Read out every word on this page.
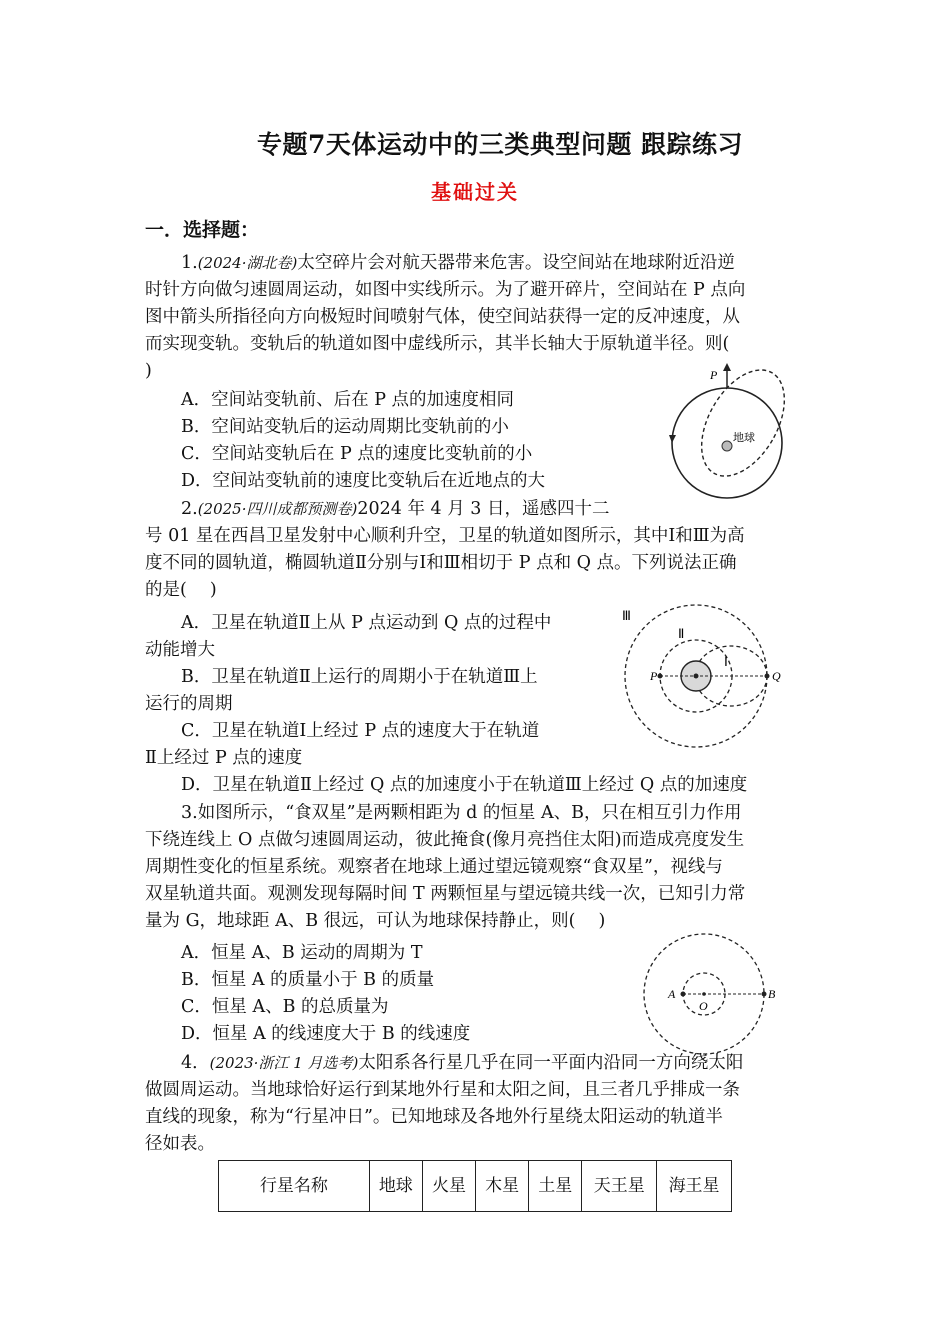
专题7天体运动中的三类典型问题 跟踪练习
基础过关
一．选择题：
1.(2024·湖北卷)太空碎片会对航天器带来危害。设空间站在地球附近沿逆
时针方向做匀速圆周运动，如图中实线所示。为了避开碎片，空间站在 P 点向
图中箭头所指径向方向极短时间喷射气体，使空间站获得一定的反冲速度，从
而实现变轨。变轨后的轨道如图中虚线所示，其半长轴大于原轨道半径。则(
)
A．空间站变轨前、后在 P 点的加速度相同
B．空间站变轨后的运动周期比变轨前的小
C．空间站变轨后在 P 点的速度比变轨前的小
D．空间站变轨前的速度比变轨后在近地点的大
P
地球
2.(2025·四川成都预测卷)2024 年 4 月 3 日，遥感四十二
号 01 星在西昌卫星发射中心顺利升空，卫星的轨道如图所示，其中Ⅰ和Ⅲ为高
度不同的圆轨道，椭圆轨道Ⅱ分别与Ⅰ和Ⅲ相切于 P 点和 Q 点。下列说法正确
的是(　 )
A．卫星在轨道Ⅱ上从 P 点运动到 Q 点的过程中
动能增大
B．卫星在轨道Ⅱ上运行的周期小于在轨道Ⅲ上
运行的周期
C．卫星在轨道Ⅰ上经过 P 点的速度大于在轨道
Ⅱ上经过 P 点的速度
D．卫星在轨道Ⅱ上经过 Q 点的加速度小于在轨道Ⅲ上经过 Q 点的加速度
Ⅲ
Ⅱ
Ⅰ
P	Q
3.如图所示，“食双星”是两颗相距为 d 的恒星 A、B，只在相互引力作用
下绕连线上 O 点做匀速圆周运动，彼此掩食(像月亮挡住太阳)而造成亮度发生
周期性变化的恒星系统。观察者在地球上通过望远镜观察“食双星”，视线与
双星轨道共面。观测发现每隔时间 T 两颗恒星与望远镜共线一次，已知引力常
量为 G，地球距 A、B 很远，可认为地球保持静止，则(　 )
A．恒星 A、B 运动的周期为 T
B．恒星 A 的质量小于 B 的质量
C．恒星 A、B 的总质量为
D．恒星 A 的线速度大于 B 的线速度
A
O
B
4．(2023·浙江 1 月选考)太阳系各行星几乎在同一平面内沿同一方向绕太阳
做圆周运动。当地球恰好运行到某地外行星和太阳之间，且三者几乎排成一条
直线的现象，称为“行星冲日”。已知地球及各地外行星绕太阳运动的轨道半
径如表。
行星名称	地球	火星	木星	土星	天王星	海王星
